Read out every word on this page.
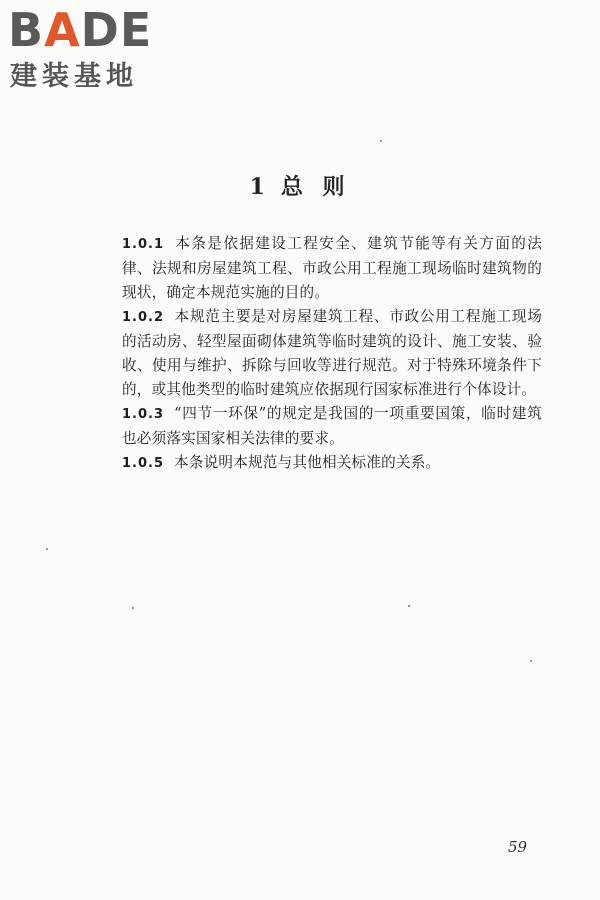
BADE
建装基地
1 总 则

1.0.1 本条是依据建设工程安全、建筑节能等有关方面的法律、法规和房屋建筑工程、市政公用工程施工现场临时建筑物的现状，确定本规范实施的目的。

1.0.2 本规范主要是对房屋建筑工程、市政公用工程施工现场的活动房、轻型屋面砌体建筑等临时建筑的设计、施工安装、验收、使用与维护、拆除与回收等进行规范。对于特殊环境条件下的，或其他类型的临时建筑应依据现行国家标准进行个体设计。

1.0.3 “四节一环保”的规定是我国的一项重要国策，临时建筑也必须落实国家相关法律的要求。

1.0.5 本条说明本规范与其他相关标准的关系。

59
